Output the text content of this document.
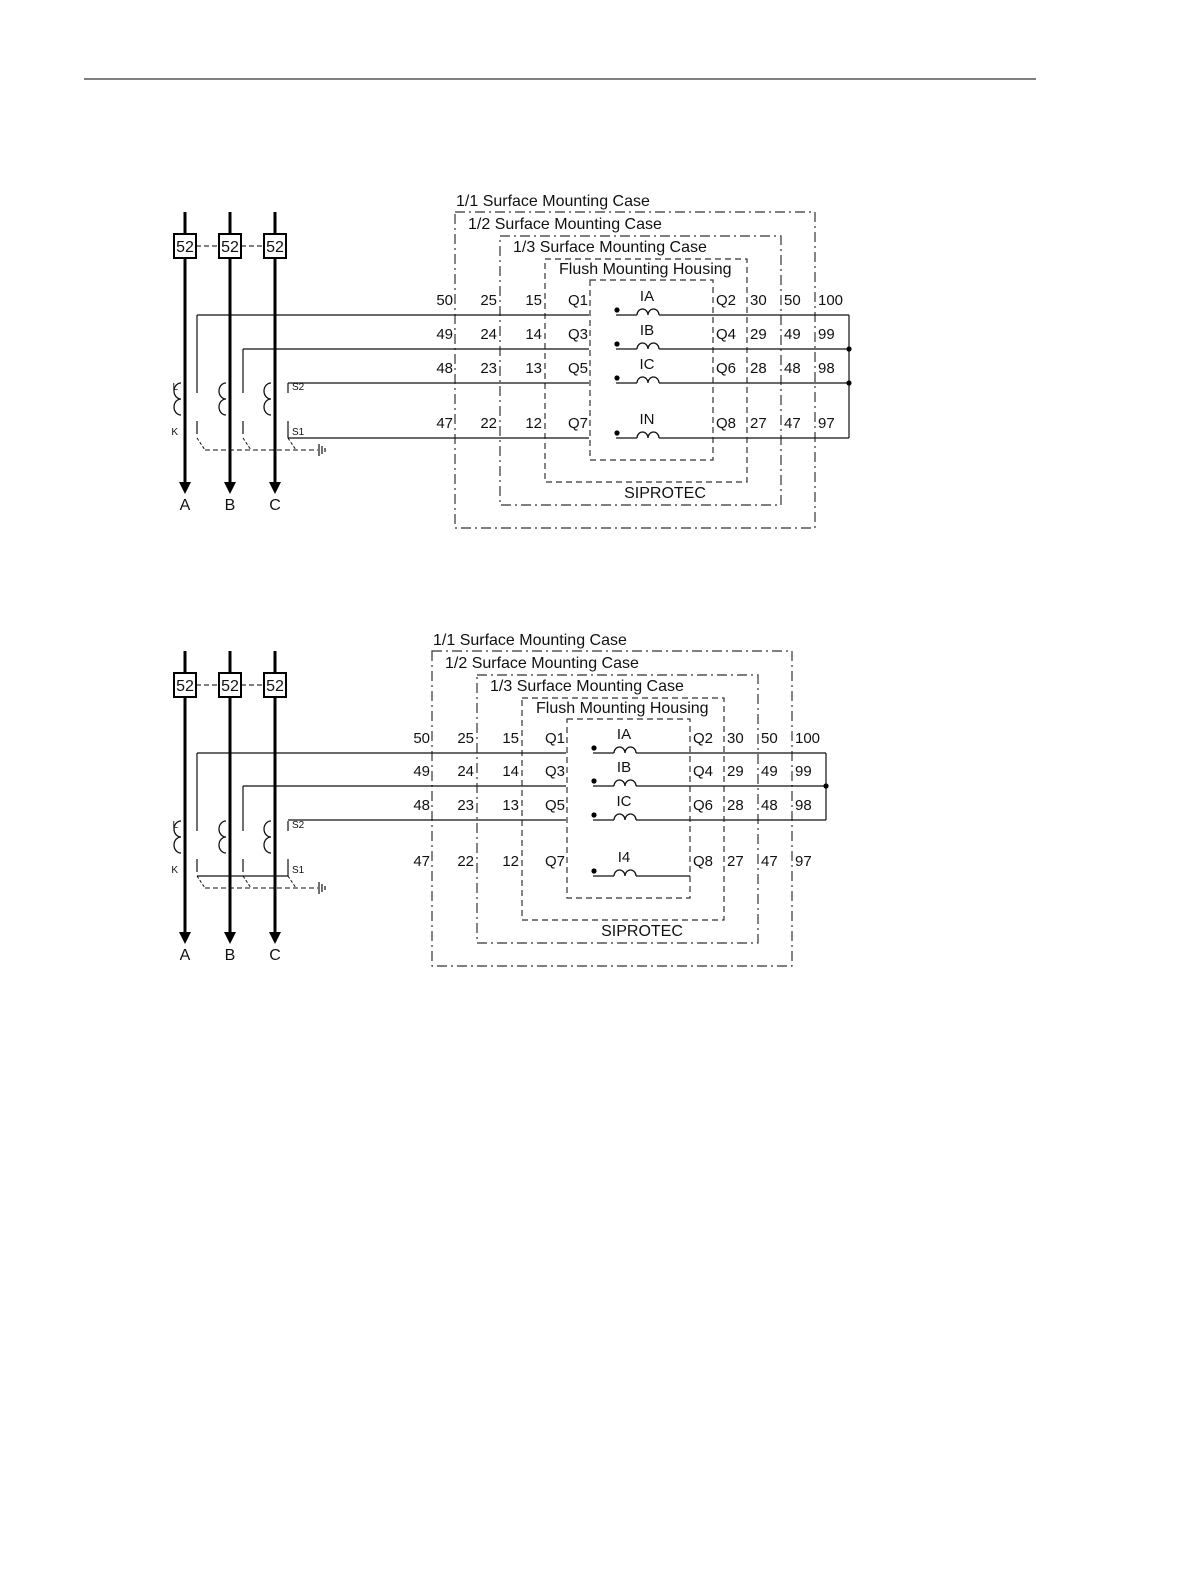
1/1 Surface Mounting Case
1/2 Surface Mounting Case
1/3 Surface Mounting Case
Flush Mounting Housing
SIPROTEC
50 25 15 Q1	IA	Q2 30 50 100
49 24 14 Q3	IB	Q4 29 49 99
48 23 13 Q5	IC	Q6 28 48 98
47 22 12 Q7	IN	Q8 27 47 97
52
A
52
B
52
C
L
K
S2
S1
1/1 Surface Mounting Case
1/2 Surface Mounting Case
1/3 Surface Mounting Case
Flush Mounting Housing
SIPROTEC
50 25 15 Q1	IA	Q2 30 50 100
49 24 14 Q3	IB	Q4 29 49 99
48 23 13 Q5	IC	Q6 28 48 98
47 22 12 Q7	I4	Q8 27 47 97
52
A
52
B
52
C
L
K
S2
S1
